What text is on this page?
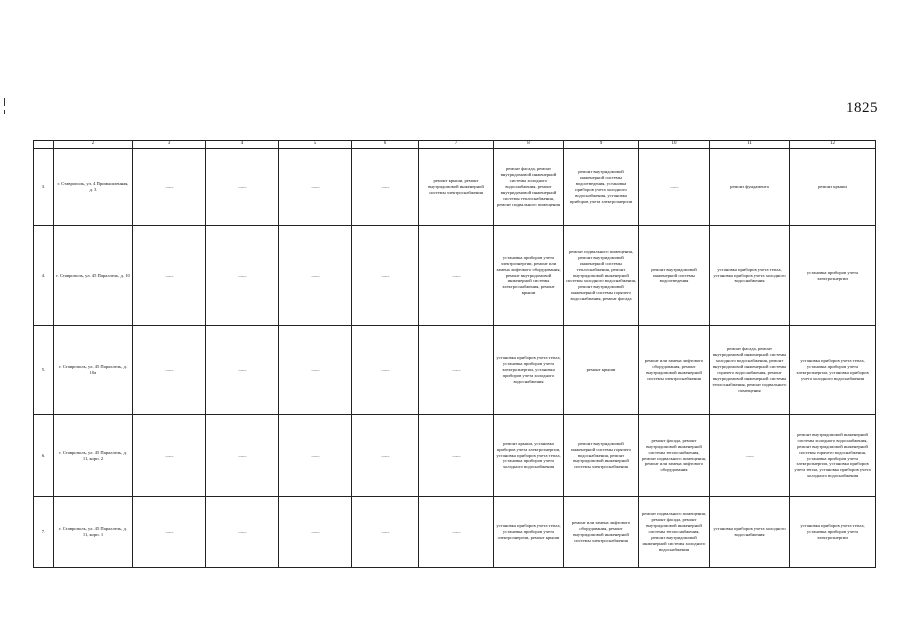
1825
	2	3	4	5	6	7	8	9	10	11	12
3.	г. Ставрополь, ул. 4 Промышленная, д. 3	——	——	——	——	ремонт крыши, ремонт внутридомовой инженерной системы электроснабжения	ремонт фасада, ремонт внутридомовой инженерной системы холодного водоснабжения, ремонт внутридомовой инженерной системы теплоснабжения, ремонт подвального помещения	ремонт внутридомовой инженерной системы водоотведения, установка приборов учета холодного водоснабжения, установка приборов учета электроэнергии	——	ремонт фундамента	ремонт крыши
4.	г. Ставрополь, ул. 45 Параллель, д. 10	——	——	——	——	——	установка приборов учета электроэнергии, ремонт или замена лифтового оборудования, ремонт внутридомовой инженерной системы электроснабжения, ремонт крыши	ремонт подвального помещения, ремонт внутридомовой инженерной системы теплоснабжения, ремонт внутридомовой инженерной системы холодного водоснабжения, ремонт внутридомовой инженерной системы горячего водоснабжения, ремонт фасада	ремонт внутридомовой инженерной системы водоотведения	установка приборов учета тепла, установка приборов учета холодного водоснабжения	установка приборов учета электроэнергии
5.	г. Ставрополь, ул. 45 Параллель, д. 10а	——	——	——	——	——	установка приборов учета тепла, установка приборов учета электроэнергии, установка приборов учета холодного водоснабжения	ремонт крыши	ремонт или замена лифтового оборудования, ремонт внутридомовой инженерной системы электроснабжения	ремонт фасада, ремонт внутридомовой инженерной системы холодного водоснабжения, ремонт внутридомовой инженерной системы горячего водоснабжения, ремонт внутридомовой инженерной системы теплоснабжения, ремонт подвального помещения	установка приборов учета тепла, установка приборов учета электроэнергии, установка приборов учета холодного водоснабжения
6.	г. Ставрополь, ул. 45 Параллель, д. 11, корп. 2	——	——	——	——	——	ремонт крыши, установка приборов учета электроэнергии, установка приборов учета тепла, установка приборов учета холодного водоснабжения	ремонт внутридомовой инженерной системы горячего водоснабжения, ремонт внутридомовой инженерной системы электроснабжения	ремонт фасада, ремонт внутридомовой инженерной системы теплоснабжения, ремонт подвального помещения, ремонт или замена лифтового оборудования	——	ремонт внутридомовой инженерной системы холодного водоснабжения, ремонт внутридомовой инженерной системы горячего водоснабжения, установка приборов учета электроэнергии, установка приборов учета тепла, установка приборов учета холодного водоснабжения
7.	г. Ставрополь, ул. 45 Параллель, д. 11, корп. 1	——	——	——	——	——	установка приборов учета тепла, установка приборов учета электроэнергии, ремонт крыши	ремонт или замена лифтового оборудования, ремонт внутридомовой инженерной системы электроснабжения	ремонт подвального помещения, ремонт фасада, ремонт внутридомовой инженерной системы теплоснабжения, ремонт внутридомовой инженерной системы холодного водоснабжения	установка приборов учета холодного водоснабжения	установка приборов учета тепла, установка приборов учета электроэнергии
